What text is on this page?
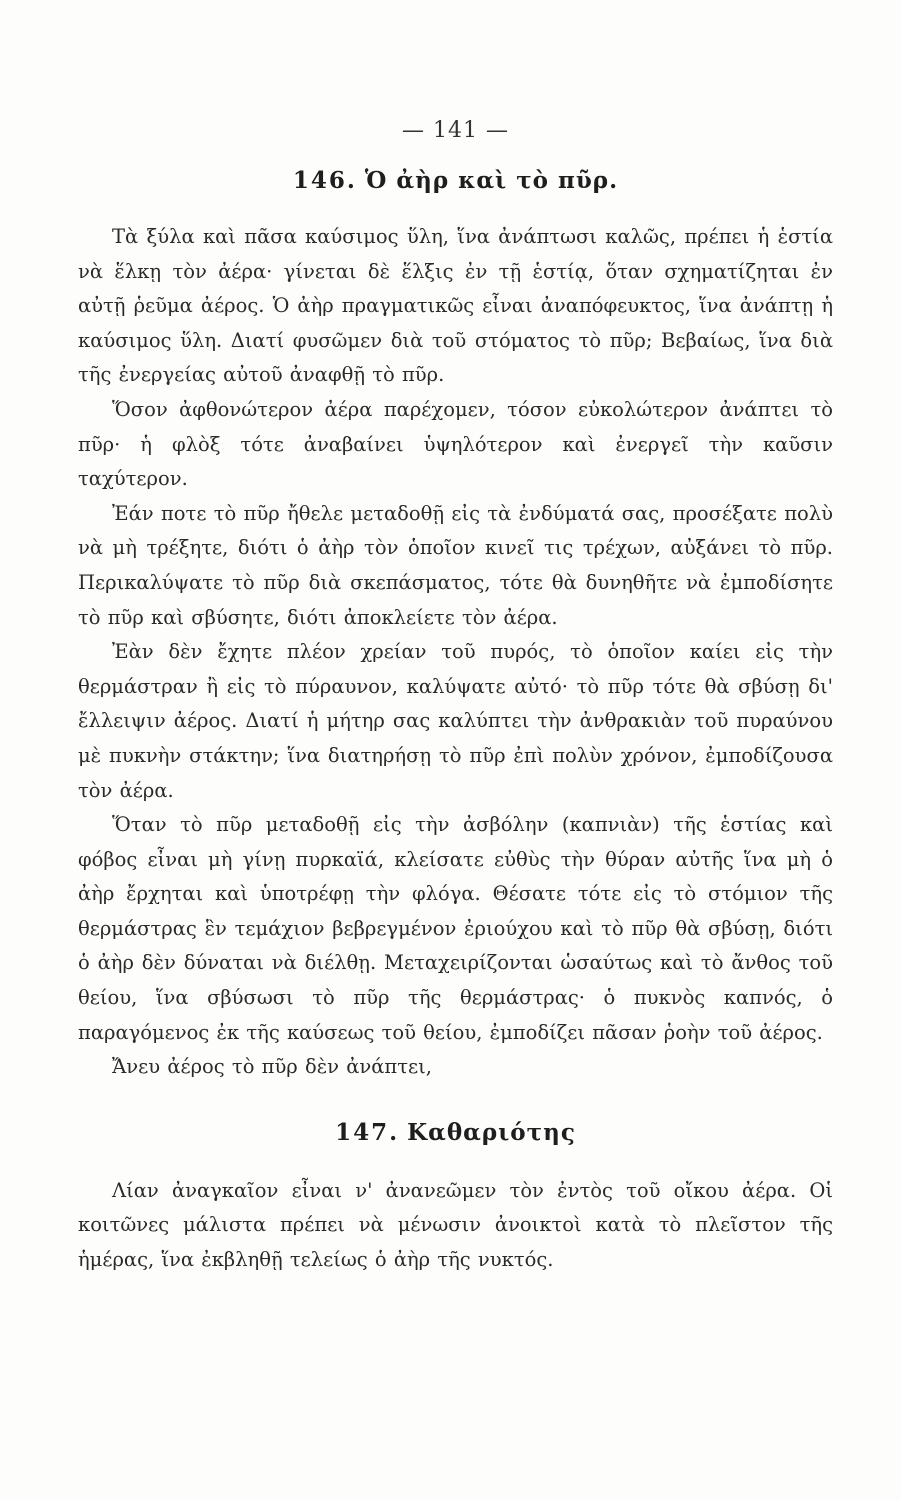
— 141 —
146. Ὁ ἀὴρ καὶ τὸ πῦρ.

Τὰ ξύλα καὶ πᾶσα καύσιμος ὕλη, ἵνα ἀνάπτωσι καλῶς, πρέπει ἡ ἑστία νὰ ἕλκῃ τὸν ἀέρα· γίνεται δὲ ἕλξις ἐν τῇ ἑστίᾳ, ὅταν σχηματίζηται ἐν αὐτῇ ῥεῦμα ἀέρος. Ὁ ἀὴρ πραγματικῶς εἶναι ἀναπόφευκτος, ἵνα ἀνάπτῃ ἡ καύσιμος ὕλη. Διατί φυσῶμεν διὰ τοῦ στόματος τὸ πῦρ; Βεβαίως, ἵνα διὰ τῆς ἐνεργείας αὐτοῦ ἀναφθῇ τὸ πῦρ.

Ὅσον ἀφθονώτερον ἀέρα παρέχομεν, τόσον εὐκολώτερον ἀνάπτει τὸ πῦρ· ἡ φλὸξ τότε ἀναβαίνει ὑψηλότερον καὶ ἐνεργεῖ τὴν καῦσιν ταχύτερον.

Ἐάν ποτε τὸ πῦρ ἤθελε μεταδοθῇ εἰς τὰ ἐνδύματά σας, προσέξατε πολὺ νὰ μὴ τρέξητε, διότι ὁ ἀὴρ τὸν ὁποῖον κινεῖ τις τρέχων, αὐξάνει τὸ πῦρ. Περικαλύψατε τὸ πῦρ διὰ σκεπάσματος, τότε θὰ δυνηθῆτε νὰ ἐμποδίσητε τὸ πῦρ καὶ σβύσητε, διότι ἀποκλείετε τὸν ἀέρα.

Ἐὰν δὲν ἔχητε πλέον χρείαν τοῦ πυρός, τὸ ὁποῖον καίει εἰς τὴν θερμάστραν ἢ εἰς τὸ πύραυνον, καλύψατε αὐτό· τὸ πῦρ τότε θὰ σβύσῃ δι' ἔλλειψιν ἀέρος. Διατί ἡ μήτηρ σας καλύπτει τὴν ἀνθρακιὰν τοῦ πυραύνου μὲ πυκνὴν στάκτην; ἵνα διατηρήσῃ τὸ πῦρ ἐπὶ πολὺν χρόνον, ἐμποδίζουσα τὸν ἀέρα.

Ὅταν τὸ πῦρ μεταδοθῇ εἰς τὴν ἀσβόλην (καπνιὰν) τῆς ἑστίας καὶ φόβος εἶναι μὴ γίνῃ πυρκαϊά, κλείσατε εὐθὺς τὴν θύραν αὐτῆς ἵνα μὴ ὁ ἀὴρ ἔρχηται καὶ ὑποτρέφῃ τὴν φλόγα. Θέσατε τότε εἰς τὸ στόμιον τῆς θερμάστρας ἓν τεμάχιον βεβρεγμένον ἐριούχου καὶ τὸ πῦρ θὰ σβύσῃ, διότι ὁ ἀὴρ δὲν δύναται νὰ διέλθῃ. Μεταχειρίζονται ὡσαύτως καὶ τὸ ἄνθος τοῦ θείου, ἵνα σβύσωσι τὸ πῦρ τῆς θερμάστρας· ὁ πυκνὸς καπνός, ὁ παραγόμενος ἐκ τῆς καύσεως τοῦ θείου, ἐμποδίζει πᾶσαν ῥοὴν τοῦ ἀέρος.

Ἄνευ ἀέρος τὸ πῦρ δὲν ἀνάπτει,

147. Καθαριότης

Λίαν ἀναγκαῖον εἶναι ν' ἀνανεῶμεν τὸν ἐντὸς τοῦ οἴκου ἀέρα. Οἱ κοιτῶνες μάλιστα πρέπει νὰ μένωσιν ἀνοικτοὶ κατὰ τὸ πλεῖστον τῆς ἡμέρας, ἵνα ἐκβληθῇ τελείως ὁ ἀὴρ τῆς νυκτός.
